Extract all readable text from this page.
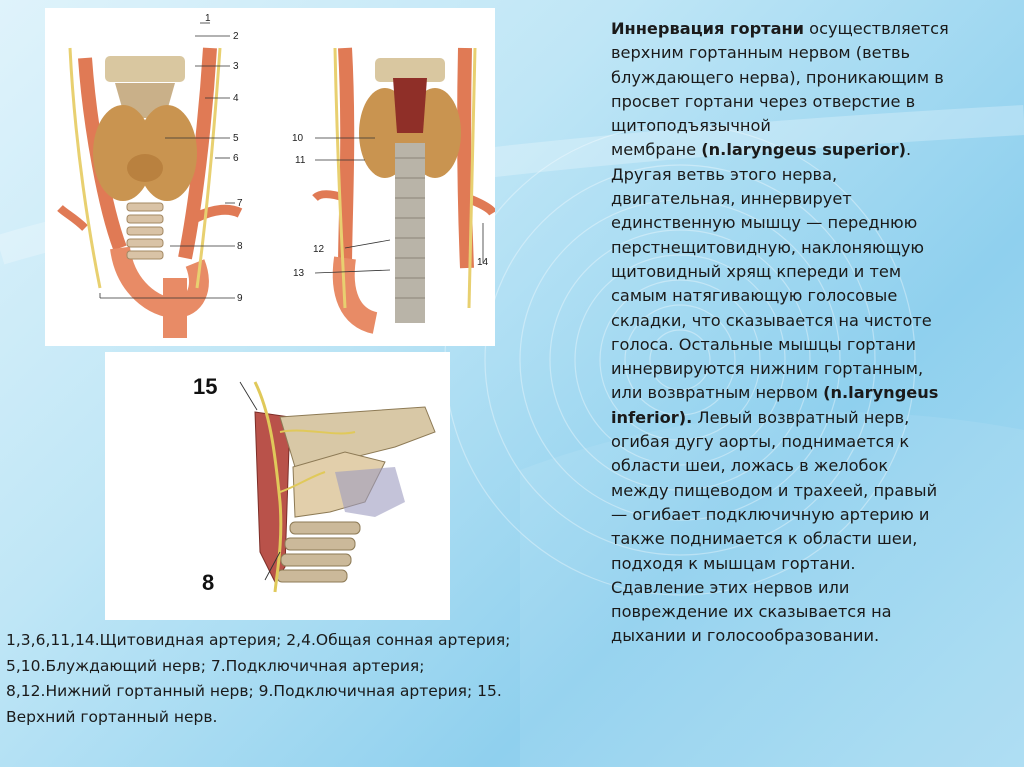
1
2
3
4
5
6
7
8
9
10
11
12
13
14
15
8
1,3,6,11,14.Щитовидная артерия; 2,4.Общая сонная артерия;
5,10.Блуждающий нерв; 7.Подключичная артерия;
8,12.Нижний гортанный нерв; 9.Подключичная артерия; 15.
Верхний гортанный нерв.
Иннервация гортани осуществляется
верхним гортанным нервом (ветвь
блуждающего нерва), проникающим в
просвет гортани через отверстие в
щитоподъязычной
мембране (n.laryngeus superior).
Другая ветвь этого нерва,
двигательная, иннервирует
единственную мышцу — переднюю
перстнещитовидную, наклоняющую
щитовидный хрящ кпереди и тем
самым натягивающую голосовые
складки, что сказывается на чистоте
голоса. Остальные мышцы гортани
иннервируются нижним гортанным,
или возвратным нервом (n.laryngeus
inferior). Левый возвратный нерв,
огибая дугу аорты, поднимается к
области шеи, ложась в желобок
между пищеводом и трахеей, правый
— огибает подключичную артерию и
также поднимается к области шеи,
подходя к мышцам гортани.
Сдавление этих нервов или
повреждение их сказывается на
дыхании и голосообразовании.
